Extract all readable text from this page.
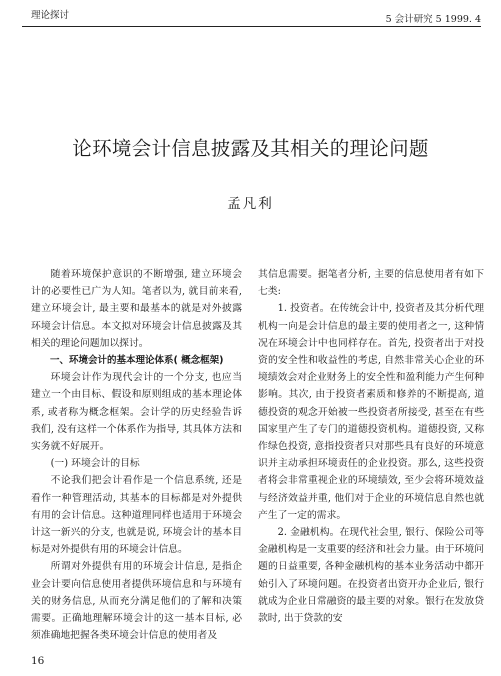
理论探讨	5 会计研究 5 1999. 4
论环境会计信息披露及其相关的理论问题
孟凡利

随着环境保护意识的不断增强, 建立环境会计的必要性已广为人知。笔者以为, 就目前来看, 建立环境会计, 最主要和最基本的就是对外披露环境会计信息。本文拟对环境会计信息披露及其相关的理论问题加以探讨。

一、环境会计的基本理论体系( 概念框架)

环境会计作为现代会计的一个分支, 也应当建立一个由目标、假设和原则组成的基本理论体系, 或者称为概念框架。会计学的历史经验告诉我们, 没有这样一个体系作为指导, 其具体方法和实务就不好展开。

(一) 环境会计的目标

不论我们把会计看作是一个信息系统, 还是看作一种管理活动, 其基本的目标都是对外提供有用的会计信息。这种道理同样也适用于环境会计这一新兴的分支, 也就是说, 环境会计的基本目标是对外提供有用的环境会计信息。

所谓对外提供有用的环境会计信息, 是指企业会计要向信息使用者提供环境信息和与环境有关的财务信息, 从而充分满足他们的了解和决策需要。正确地理解环境会计的这一基本目标, 必须准确地把握各类环境会计信息的使用者及

其信息需要。据笔者分析, 主要的信息使用者有如下七类:

1. 投资者。在传统会计中, 投资者及其分析代理机构一向是会计信息的最主要的使用者之一, 这种情况在环境会计中也同样存在。首先, 投资者出于对投资的安全性和收益性的考虑, 自然非常关心企业的环境绩效会对企业财务上的安全性和盈利能力产生何种影响。其次, 由于投资者素质和修养的不断提高, 道德投资的观念开始被一些投资者所接受, 甚至在有些国家里产生了专门的道德投资机构。道德投资, 又称作绿色投资, 意指投资者只对那些具有良好的环境意识并主动承担环境责任的企业投资。那么, 这些投资者将会非常重视企业的环境绩效, 至少会将环境效益与经济效益并重, 他们对于企业的环境信息自然也就产生了一定的需求。

2. 金融机构。在现代社会里, 银行、保险公司等金融机构是一支重要的经济和社会力量。由于环境问题的日益重要, 各种金融机构的基本业务活动中都开始引入了环境问题。在投资者出资开办企业后, 银行就成为企业日常融资的最主要的对象。银行在发放贷款时, 出于贷款的安

16
